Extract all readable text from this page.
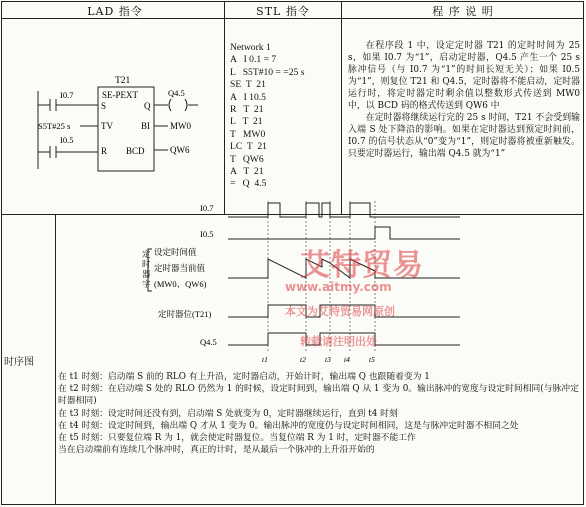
LAD 指令	STL 指令	程 序 说 明
T21
SE-PEXT
S	Q
TV	BI
R BCD
I0.7
I0.5
S5T#25 s
Q4.5
MW0
QW6
Network 1
A   I 0.1 = 7
L   S5T#10 = =25 s
SE  T  21
A   I 10.5
R   T  21
L   T  21
T   MW0
LC  T  21
T   QW6
A   T  21
=   Q  4.5

在程序段 1 中，设定定时器 T21 的定时时间为 25 s，如果 I0.7 为“1”，启动定时器，Q4.5 产生一个 25 s 脉冲信号（与 I0.7 为“1”的时间长短无关）；如果 I0.5 为“1”，则复位 T21 和 Q4.5，定时器将不能启动，定时器运行时，将定时器定时剩余值以整数形式传送到 MW0 中，以 BCD 码的格式传送到 QW6 中

在定时器将继续运行完的 25 s 时间，T21 不会受到输入端 S 处下降沿的影响。如果在定时器达到预定时间前，I0.7 的信号状态从“0”变为“1”，则定时器将被重新触发。只要定时器运行，输出端 Q4.5 就为“1”

时序图
I0.7
I0.5
设定时间值
定时器当前值
(MW0、QW6)
定时器位(T21)
Q4.5
t1	t2	t3 t4	t5
定时器字

在 t1 时刻：启动端 S 前的 RLO 有上升沿，定时器启动，开始计时，输出端 Q 也跟随着变为 1

在 t2 时刻：在启动端 S 处的 RLO 仍然为 1 的时候，设定时间到，输出端 Q 从 1 变为 0。输出脉冲的宽度与设定时间相同(与脉冲定时器相同)

在 t3 时刻：设定时间还没有到，启动端 S 处就变为 0，定时器继续运行，直到 t4 时刻

在 t4 时刻：设定时间到，输出端 Q 才从 1 变为 0。输出脉冲的宽度仍与设定时间相同，这是与脉冲定时器不相同之处

在 t5 时刻：只要复位端 R 为 1，就会使定时器复位。当复位端 R 为 1 时，定时器不能工作

当在启动端前有连续几个脉冲时，真正的计时，是从最后一个脉冲的上升沿开始的

艾特贸易
www.aitmy.com
本文为艾特贸易网原创
转载请注明出处
